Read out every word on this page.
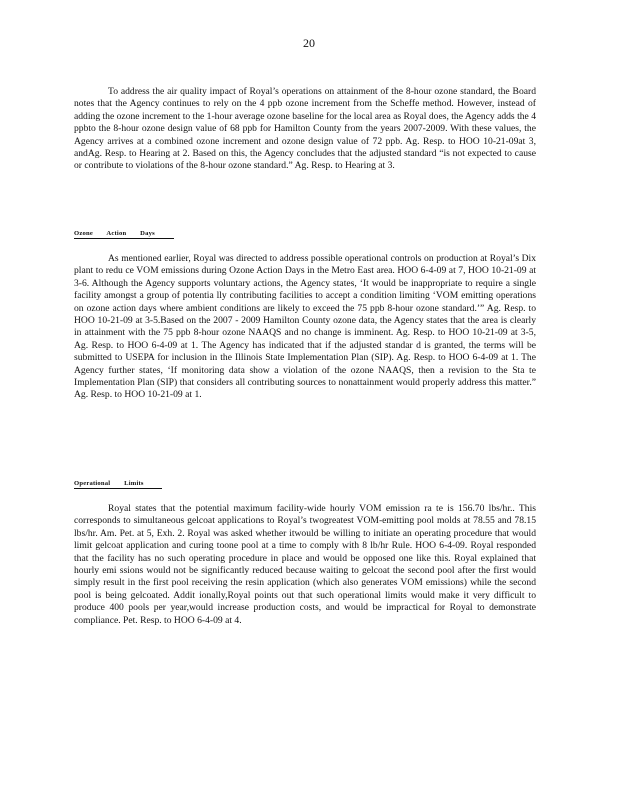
20

To address the air quality impact of Royal’s operations on attainment of the 8-hour ozone standard, the Board notes that the Agency continues to rely on the 4 ppb ozone increment from the Scheffe method. However, instead of adding the ozone increment to the 1-hour average ozone baseline for the local area as Royal does, the Agency adds the 4 ppbto the 8-hour ozone design value of 68 ppb for Hamilton County from the years 2007-2009. With these values, the Agency arrives at a combined ozone increment and ozone design value of 72 ppb. Ag. Resp. to HOO 10-21-09at 3, andAg. Resp. to Hearing at 2. Based on this, the Agency concludes that the adjusted standard “is not expected to cause or contribute to violations of the 8-hour ozone standard.” Ag. Resp. to Hearing at 3.

Ozone Action Days

As mentioned earlier, Royal was directed to address possible operational controls on production at Royal’s Dix plant to redu ce VOM emissions during Ozone Action Days in the Metro East area. HOO 6-4-09 at 7, HOO 10-21-09 at 3-6. Although the Agency supports voluntary actions, the Agency states, ‘It would be inappropriate to require a single facility amongst a group of potentia lly contributing facilities to accept a condition limiting ‘VOM emitting operations on ozone action days where ambient conditions are likely to exceed the 75 ppb 8-hour ozone standard.’” Ag. Resp. to HOO 10-21-09 at 3-5.Based on the 2007 - 2009 Hamilton County ozone data, the Agency states that the area is clearly in attainment with the 75 ppb 8-hour ozone NAAQS and no change is imminent. Ag. Resp. to HOO 10-21-09 at 3-5, Ag. Resp. to HOO 6-4-09 at 1. The Agency has indicated that if the adjusted standar d is granted, the terms will be submitted to USEPA for inclusion in the Illinois State Implementation Plan (SIP). Ag. Resp. to HOO 6-4-09 at 1. The Agency further states, ‘If monitoring data show a violation of the ozone NAAQS, then a revision to the Sta te Implementation Plan (SIP) that considers all contributing sources to nonattainment would properly address this matter.” Ag. Resp. to HOO 10-21-09 at 1.

Operational Limits

Royal states that the potential maximum facility-wide hourly VOM emission ra te is 156.70 lbs/hr.. This corresponds to simultaneous gelcoat applications to Royal’s twogreatest VOM-emitting pool molds at 78.55 and 78.15 lbs/hr. Am. Pet. at 5, Exh. 2. Royal was asked whether itwould be willing to initiate an operating procedure that would limit gelcoat application and curing toone pool at a time to comply with 8 lb/hr Rule. HOO 6-4-09. Royal responded that the facility has no such operating procedure in place and would be opposed one like this. Royal explained that hourly emi ssions would not be significantly reduced because waiting to gelcoat the second pool after the first would simply result in the first pool receiving the resin application (which also generates VOM emissions) while the second pool is being gelcoated. Addit ionally,Royal points out that such operational limits would make it very difficult to produce 400 pools per year,would increase production costs, and would be impractical for Royal to demonstrate compliance. Pet. Resp. to HOO 6-4-09 at 4.
